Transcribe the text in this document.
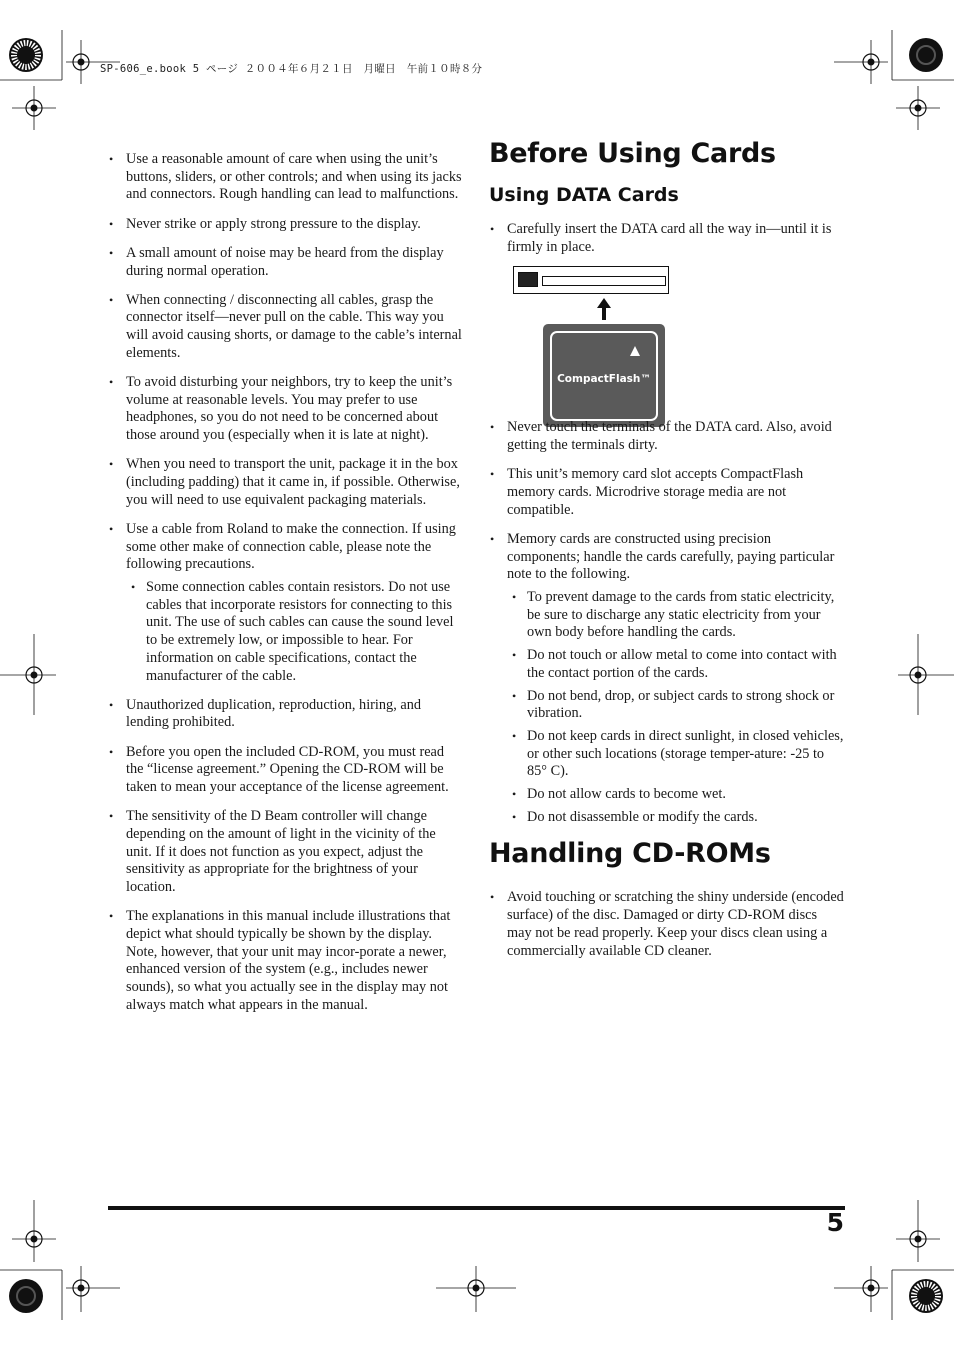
SP-606_e.book 5 ページ ２００４年６月２１日　月曜日　午前１０時８分
• Use a reasonable amount of care when using the unit’s buttons, sliders, or other controls; and when using its jacks and connectors. Rough handling can lead to malfunctions.
• Never strike or apply strong pressure to the display.
• A small amount of noise may be heard from the display during normal operation.
• When connecting / disconnecting all cables, grasp the connector itself—never pull on the cable. This way you will avoid causing shorts, or damage to the cable’s internal elements.
• To avoid disturbing your neighbors, try to keep the unit’s volume at reasonable levels. You may prefer to use headphones, so you do not need to be concerned about those around you (especially when it is late at night).
• When you need to transport the unit, package it in the box (including padding) that it came in, if possible. Otherwise, you will need to use equivalent packaging materials.
• Use a cable from Roland to make the connection. If using some other make of connection cable, please note the following precautions.
• Some connection cables contain resistors. Do not use cables that incorporate resistors for connecting to this unit. The use of such cables can cause the sound level to be extremely low, or impossible to hear. For information on cable specifications, contact the manufacturer of the cable.
• Unauthorized duplication, reproduction, hiring, and lending prohibited.
• Before you open the included CD-ROM, you must read the “license agreement.” Opening the CD-ROM will be taken to mean your acceptance of the license agreement.
• The sensitivity of the D Beam controller will change depending on the amount of light in the vicinity of the unit. If it does not function as you expect, adjust the sensitivity as appropriate for the brightness of your location.
• The explanations in this manual include illustrations that depict what should typically be shown by the display. Note, however, that your unit may incor-porate a newer, enhanced version of the system (e.g., includes newer sounds), so what you actually see in the display may not always match what appears in the manual.
Before Using Cards
Using DATA Cards
• Carefully insert the DATA card all the way in—until it is firmly in place.
CompactFlash™
• Never touch the terminals of the DATA card. Also, avoid getting the terminals dirty.
• This unit’s memory card slot accepts CompactFlash memory cards. Microdrive storage media are not compatible.
• Memory cards are constructed using precision components; handle the cards carefully, paying particular note to the following.
• To prevent damage to the cards from static electricity, be sure to discharge any static electricity from your own body before handling the cards.
• Do not touch or allow metal to come into contact with the contact portion of the cards.
• Do not bend, drop, or subject cards to strong shock or vibration.
• Do not keep cards in direct sunlight, in closed vehicles, or other such locations (storage temper-ature: -25 to 85° C).
• Do not allow cards to become wet.
• Do not disassemble or modify the cards.
Handling CD-ROMs
• Avoid touching or scratching the shiny underside (encoded surface) of the disc. Damaged or dirty CD-ROM discs may not be read properly. Keep your discs clean using a commercially available CD cleaner.
5
